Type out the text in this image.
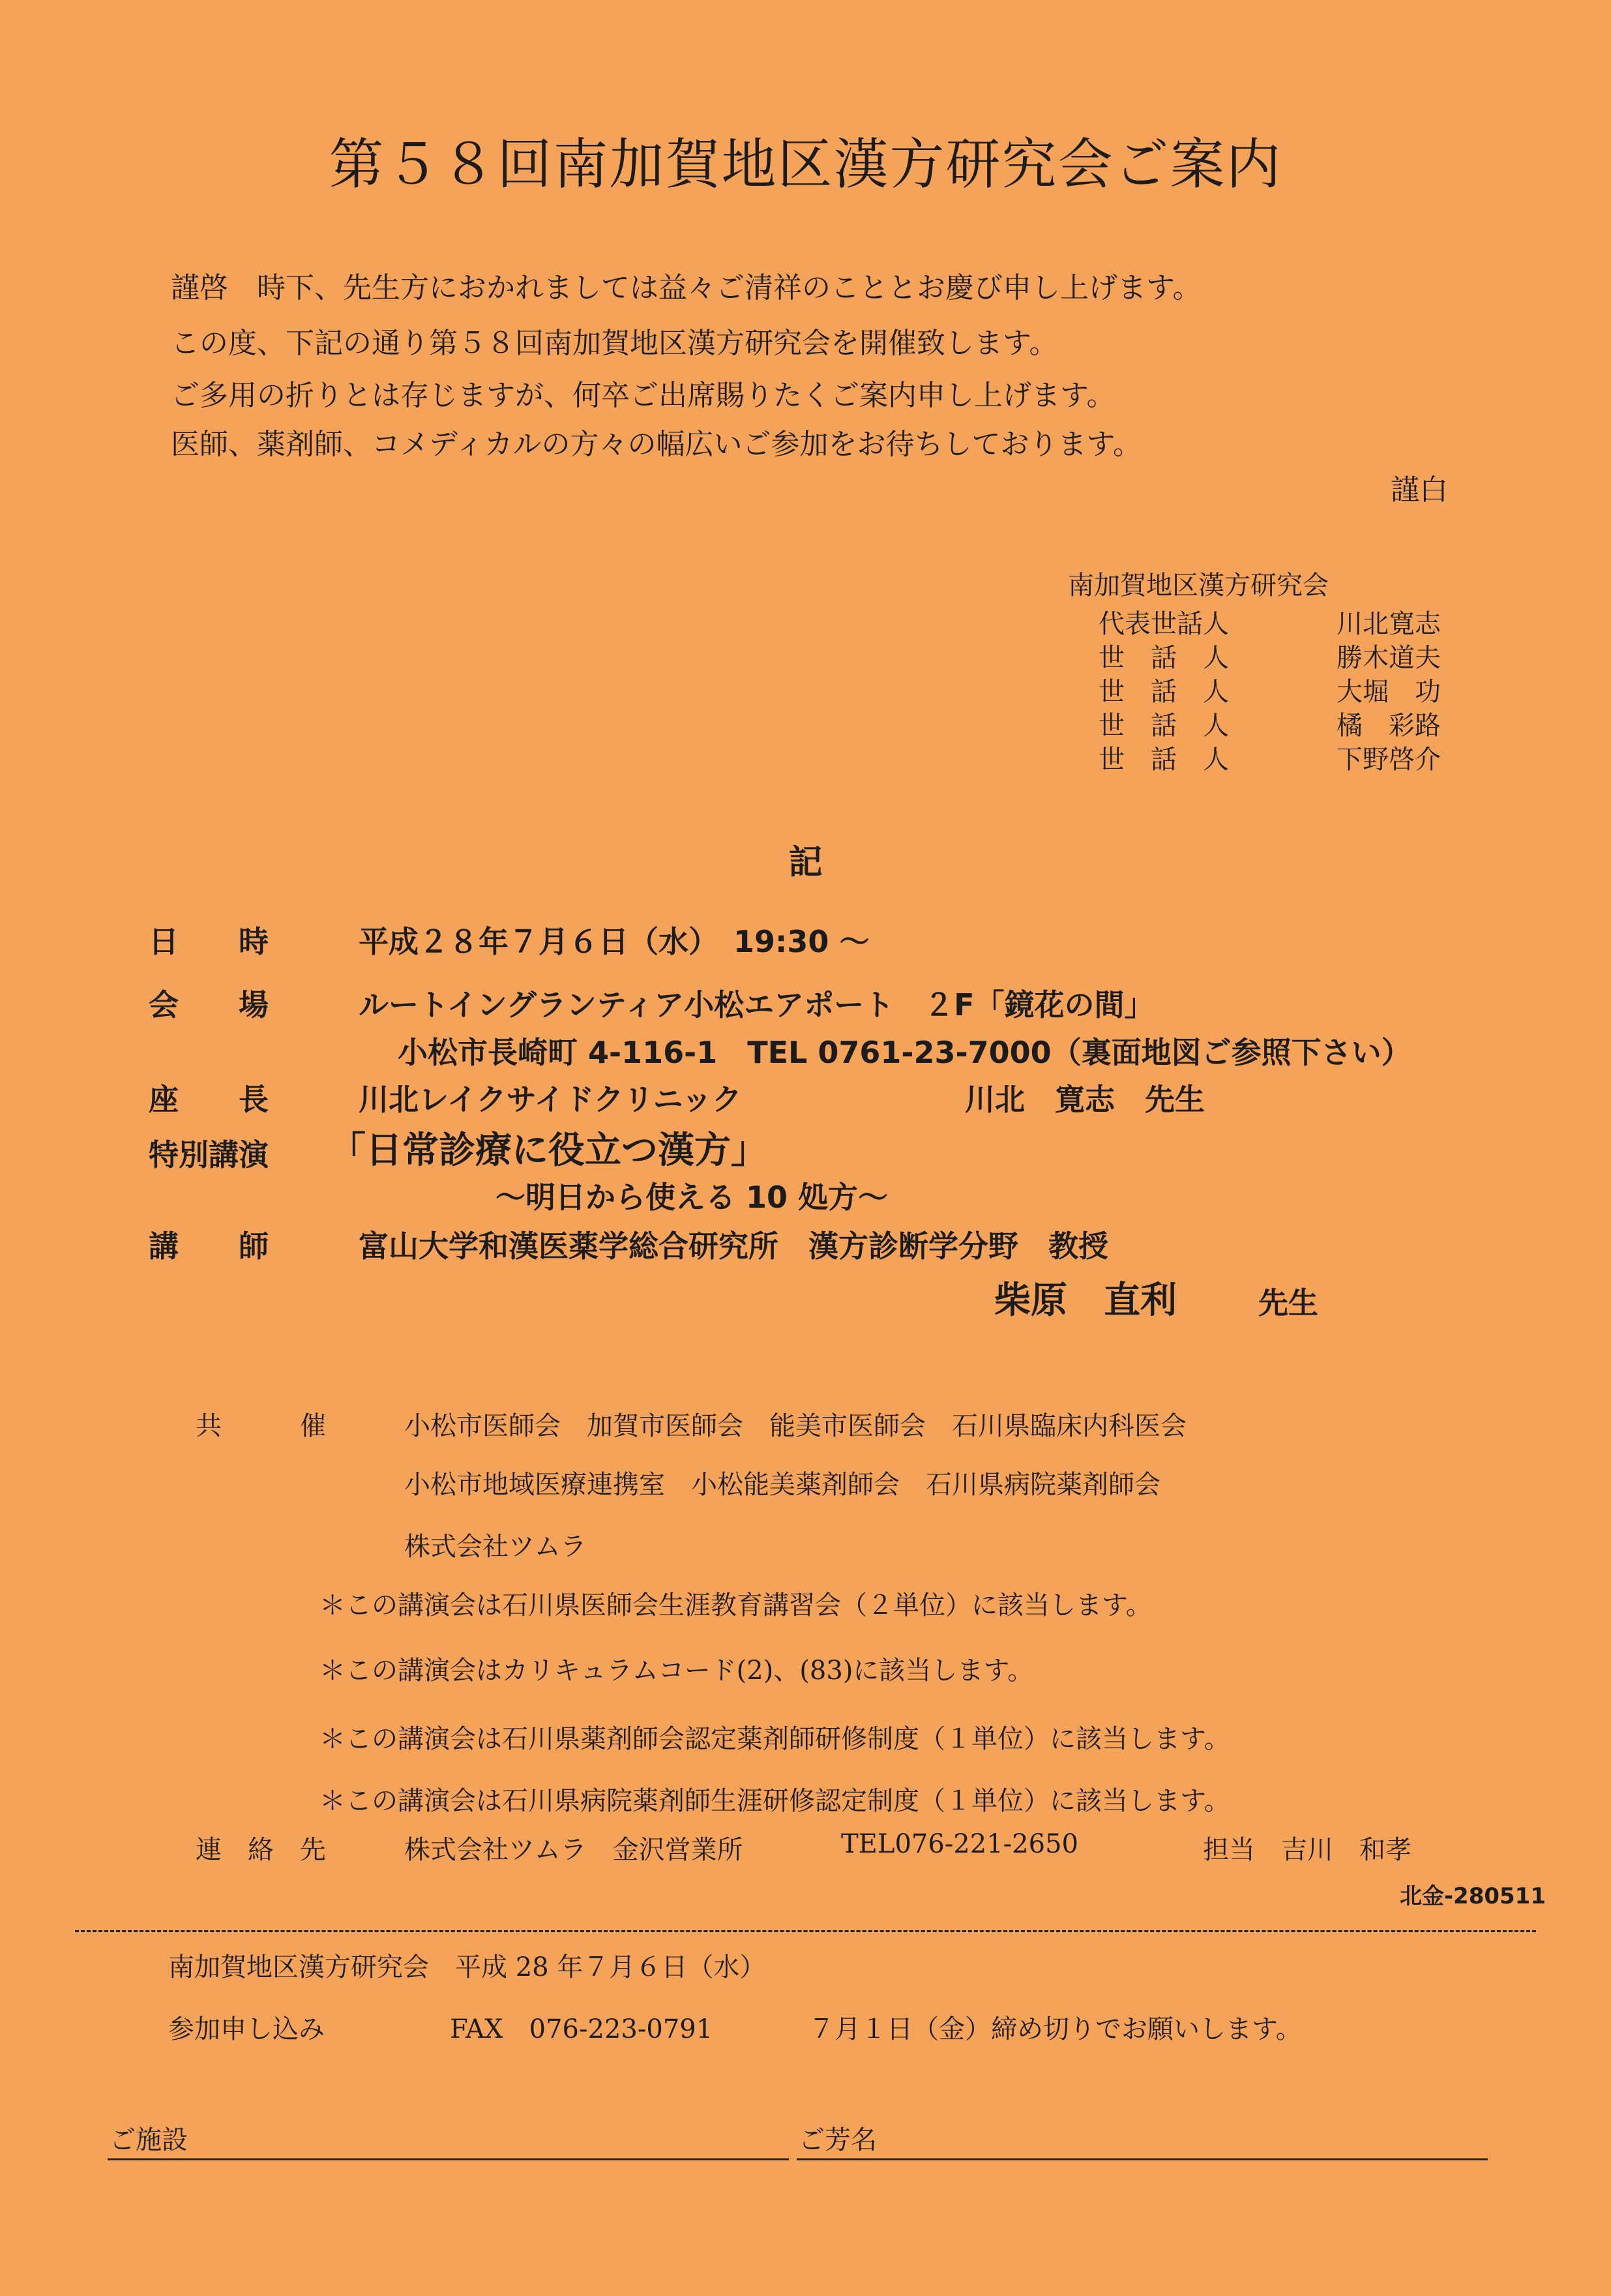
第５８回南加賀地区漢方研究会ご案内
謹啓　時下、先生方におかれましては益々ご清祥のこととお慶び申し上げます。
この度、下記の通り第５８回南加賀地区漢方研究会を開催致します。
ご多用の折りとは存じますが、何卒ご出席賜りたくご案内申し上げます。
医師、薬剤師、コメディカルの方々の幅広いご参加をお待ちしております。
謹白
南加賀地区漢方研究会
代表世話人	川北寛志
世　話　人	勝木道夫
世　話　人	大堀　功
世　話　人	橘　彩路
世　話　人	下野啓介
記
日　　時	平成２８年７月６日（水）　19:30 ～
会　　場	ルートイングランティア小松エアポート　２F「鏡花の間」
小松市長崎町 4-116-1　TEL 0761-23-7000（裏面地図ご参照下さい）
座　　長	川北レイクサイドクリニック	川北　寛志　先生
特別講演 「日常診療に役立つ漢方」
～明日から使える 10 処方～
講　　師	富山大学和漢医薬学総合研究所　漢方診断学分野　教授
柴原　直利	先生
共　　　催	小松市医師会　加賀市医師会　能美市医師会　石川県臨床内科医会
小松市地域医療連携室　小松能美薬剤師会　石川県病院薬剤師会
株式会社ツムラ
＊この講演会は石川県医師会生涯教育講習会（２単位）に該当します。
＊この講演会はカリキュラムコード(2)、(83)に該当します。
＊この講演会は石川県薬剤師会認定薬剤師研修制度（１単位）に該当します。
＊この講演会は石川県病院薬剤師生涯研修認定制度（１単位）に該当します。
連　絡　先	株式会社ツムラ　金沢営業所	TEL076-221-2650	担当　吉川　和孝
北金-280511
南加賀地区漢方研究会　平成 28 年７月６日（水）
参加申し込み	FAX　076-223-0791	７月１日（金）締め切りでお願いします。
ご施設	ご芳名
